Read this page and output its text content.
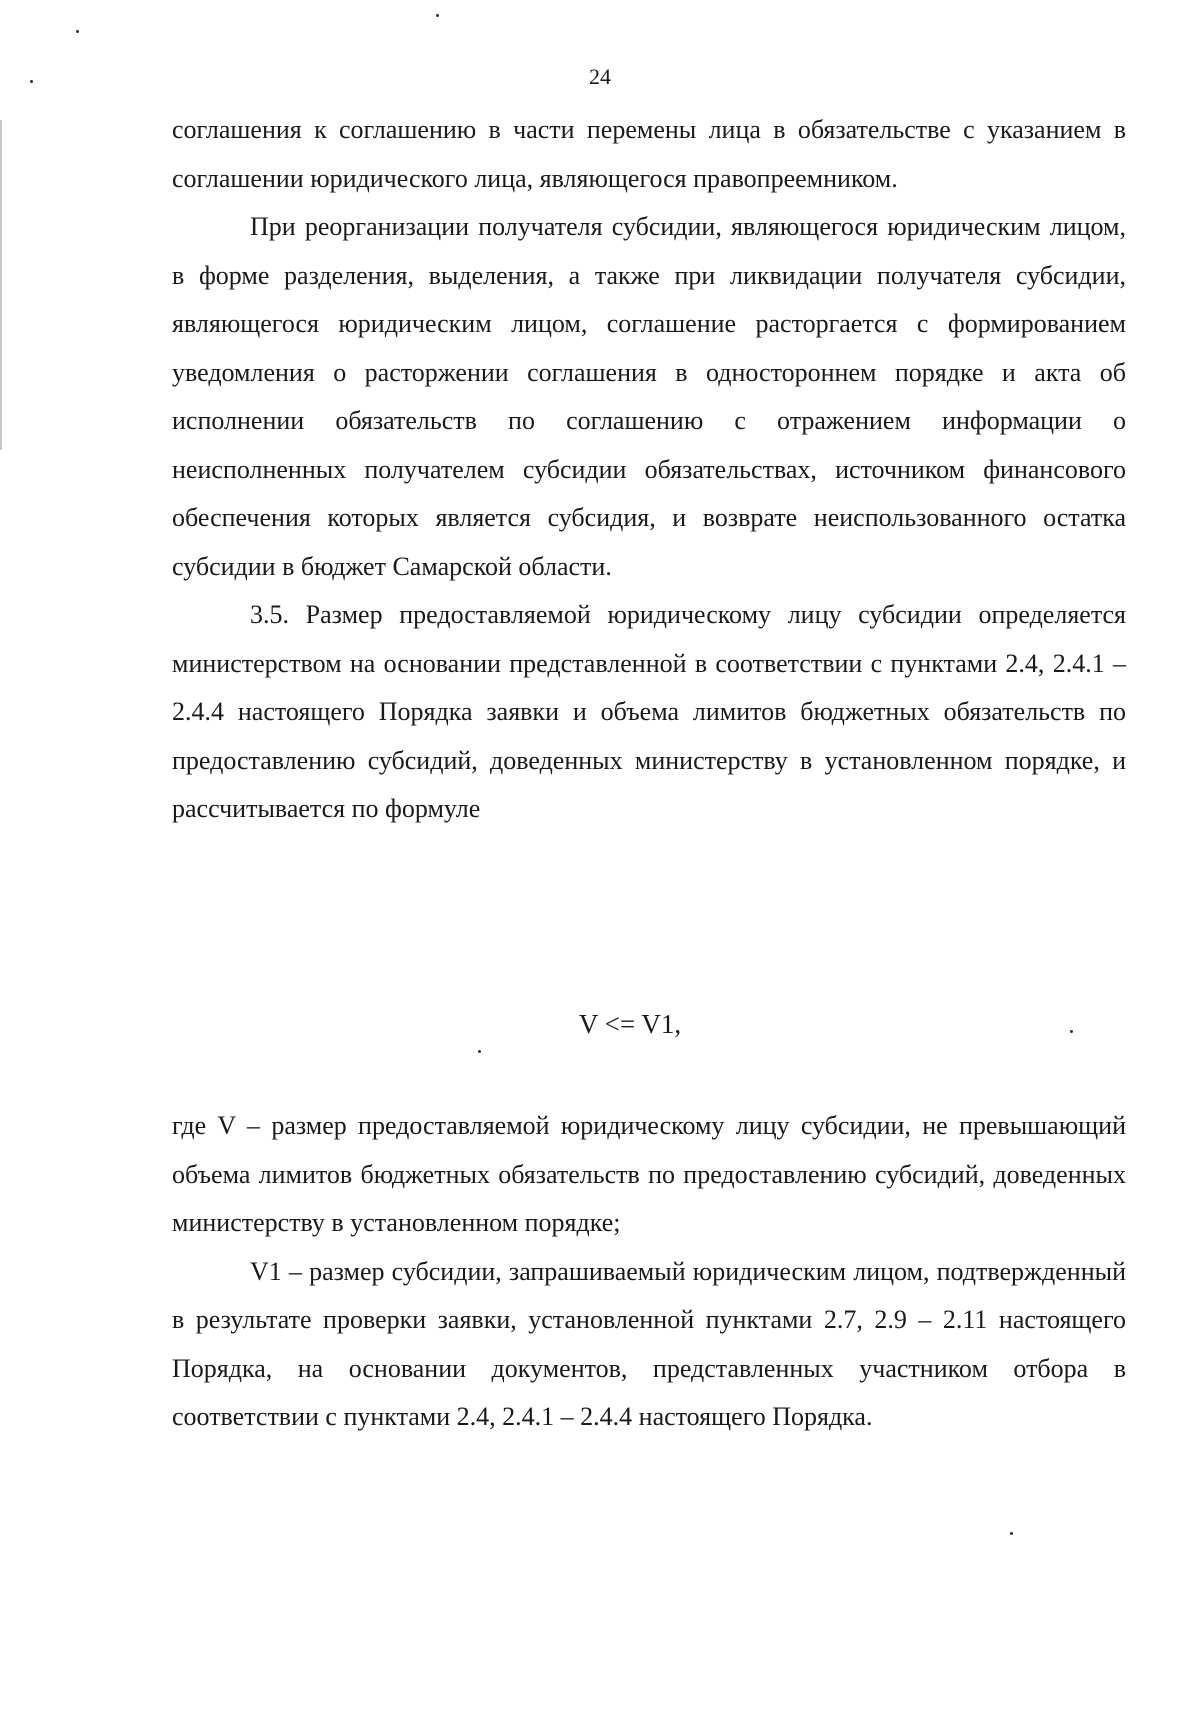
24

соглашения к соглашению в части перемены лица в обязательстве с указанием в соглашении юридического лица, являющегося правопреемником.

При реорганизации получателя субсидии, являющегося юридическим лицом, в форме разделения, выделения, а также при ликвидации получателя субсидии, являющегося юридическим лицом, соглашение расторгается с формированием уведомления о расторжении соглашения в одностороннем порядке и акта об исполнении обязательств по соглашению с отражением информации о неисполненных получателем субсидии обязательствах, источником финансового обеспечения которых является субсидия, и возврате неиспользованного остатка субсидии в бюджет Самарской области.

3.5. Размер предоставляемой юридическому лицу субсидии определяется министерством на основании представленной в соответствии с пунктами 2.4, 2.4.1 – 2.4.4 настоящего Порядка заявки и объема лимитов бюджетных обязательств по предоставлению субсидий, доведенных министерству в установленном порядке, и рассчитывается по формуле

V <= V1,

где V – размер предоставляемой юридическому лицу субсидии, не превышающий объема лимитов бюджетных обязательств по предоставлению субсидий, доведенных министерству в установленном порядке;

V1 – размер субсидии, запрашиваемый юридическим лицом, подтвержденный в результате проверки заявки, установленной пунктами 2.7, 2.9 – 2.11 настоящего Порядка, на основании документов, представленных участником отбора в соответствии с пунктами 2.4, 2.4.1 – 2.4.4 настоящего Порядка.
